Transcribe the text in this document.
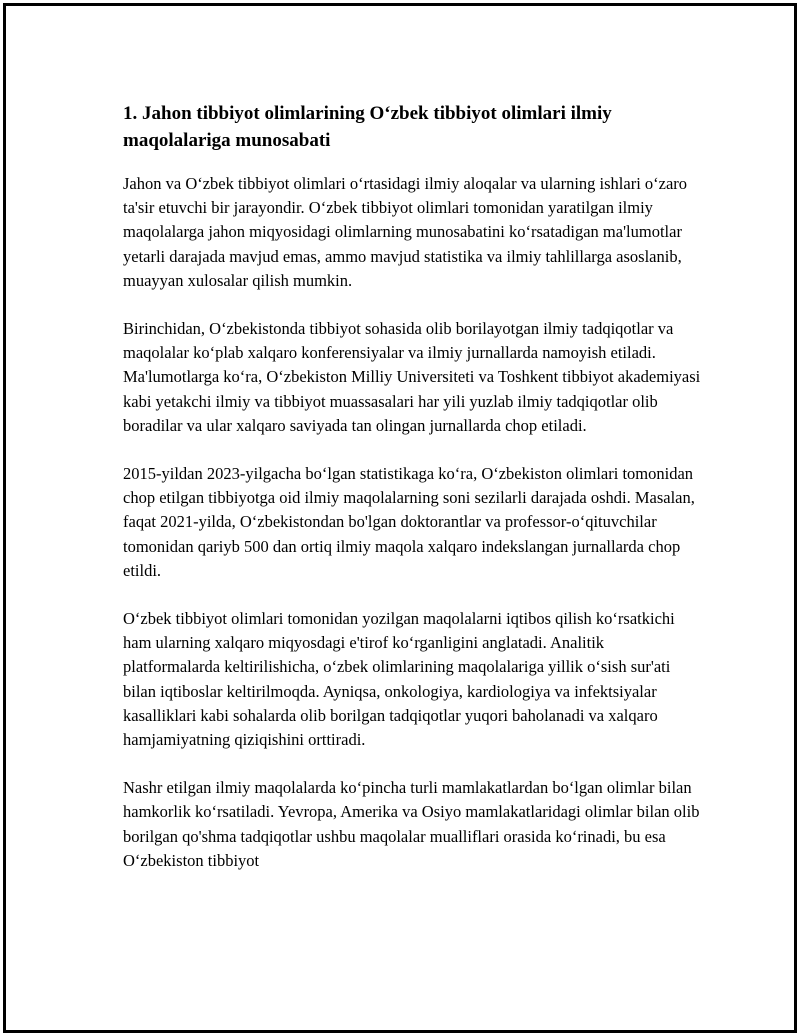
1. Jahon tibbiyot olimlarining O‘zbek tibbiyot olimlari ilmiy maqolalariga munosabati

Jahon va O‘zbek tibbiyot olimlari o‘rtasidagi ilmiy aloqalar va ularning ishlari o‘zaro ta'sir etuvchi bir jarayondir. O‘zbek tibbiyot olimlari tomonidan yaratilgan ilmiy maqolalarga jahon miqyosidagi olimlarning munosabatini ko‘rsatadigan ma'lumotlar yetarli darajada mavjud emas, ammo mavjud statistika va ilmiy tahlillarga asoslanib, muayyan xulosalar qilish mumkin.

Birinchidan, O‘zbekistonda tibbiyot sohasida olib borilayotgan ilmiy tadqiqotlar va maqolalar ko‘plab xalqaro konferensiyalar va ilmiy jurnallarda namoyish etiladi. Ma'lumotlarga ko‘ra, O‘zbekiston Milliy Universiteti va Toshkent tibbiyot akademiyasi kabi yetakchi ilmiy va tibbiyot muassasalari har yili yuzlab ilmiy tadqiqotlar olib boradilar va ular xalqaro saviyada tan olingan jurnallarda chop etiladi.

2015-yildan 2023-yilgacha bo‘lgan statistikaga ko‘ra, O‘zbekiston olimlari tomonidan chop etilgan tibbiyotga oid ilmiy maqolalarning soni sezilarli darajada oshdi. Masalan, faqat 2021-yilda, O‘zbekistondan bo'lgan doktorantlar va professor-o‘qituvchilar tomonidan qariyb 500 dan ortiq ilmiy maqola xalqaro indekslangan jurnallarda chop etildi.

O‘zbek tibbiyot olimlari tomonidan yozilgan maqolalarni iqtibos qilish ko‘rsatkichi ham ularning xalqaro miqyosdagi e'tirof ko‘rganligini anglatadi. Analitik platformalarda keltirilishicha, o‘zbek olimlarining maqolalariga yillik o‘sish sur'ati bilan iqtiboslar keltirilmoqda. Ayniqsa, onkologiya, kardiologiya va infektsiyalar kasalliklari kabi sohalarda olib borilgan tadqiqotlar yuqori baholanadi va xalqaro hamjamiyatning qiziqishini orttiradi.

Nashr etilgan ilmiy maqolalarda ko‘pincha turli mamlakatlardan bo‘lgan olimlar bilan hamkorlik ko‘rsatiladi. Yevropa, Amerika va Osiyo mamlakatlaridagi olimlar bilan olib borilgan qo'shma tadqiqotlar ushbu maqolalar mualliflari orasida ko‘rinadi, bu esa O‘zbekiston tibbiyot
